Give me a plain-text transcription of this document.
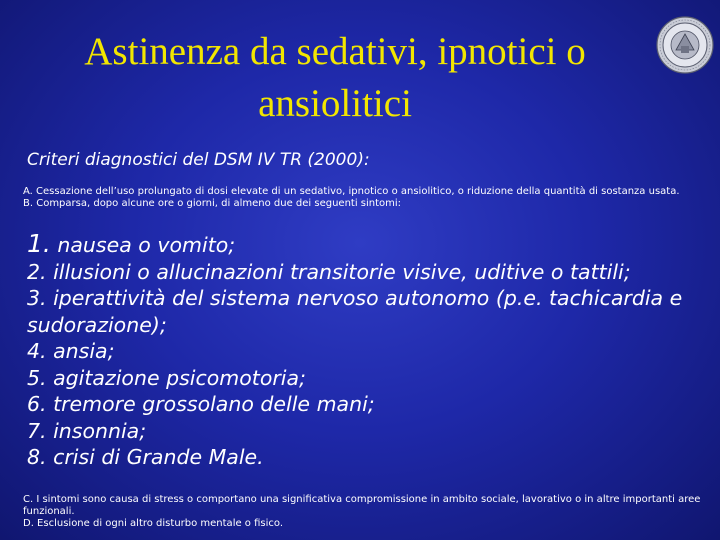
Astinenza da sedativi, ipnotici o
ansiolitici
Criteri diagnostici del DSM IV TR (2000):
A. Cessazione dell’uso prolungato di dosi elevate di un sedativo, ipnotico o ansiolitico, o riduzione della quantità di sostanza usata.
B. Comparsa, dopo alcune ore o giorni, di almeno due dei seguenti sintomi:
1. nausea o vomito;
2. illusioni o allucinazioni transitorie visive, uditive o tattili;
3. iperattività del sistema nervoso autonomo (p.e. tachicardia e sudorazione);
4. ansia;
5. agitazione psicomotoria;
6. tremore grossolano delle mani;
7. insonnia;
8. crisi di Grande Male.
C. I sintomi sono causa di stress o comportano una significativa compromissione in ambito sociale, lavorativo o in altre importanti aree funzionali.
D. Esclusione di ogni altro disturbo mentale o fisico.
